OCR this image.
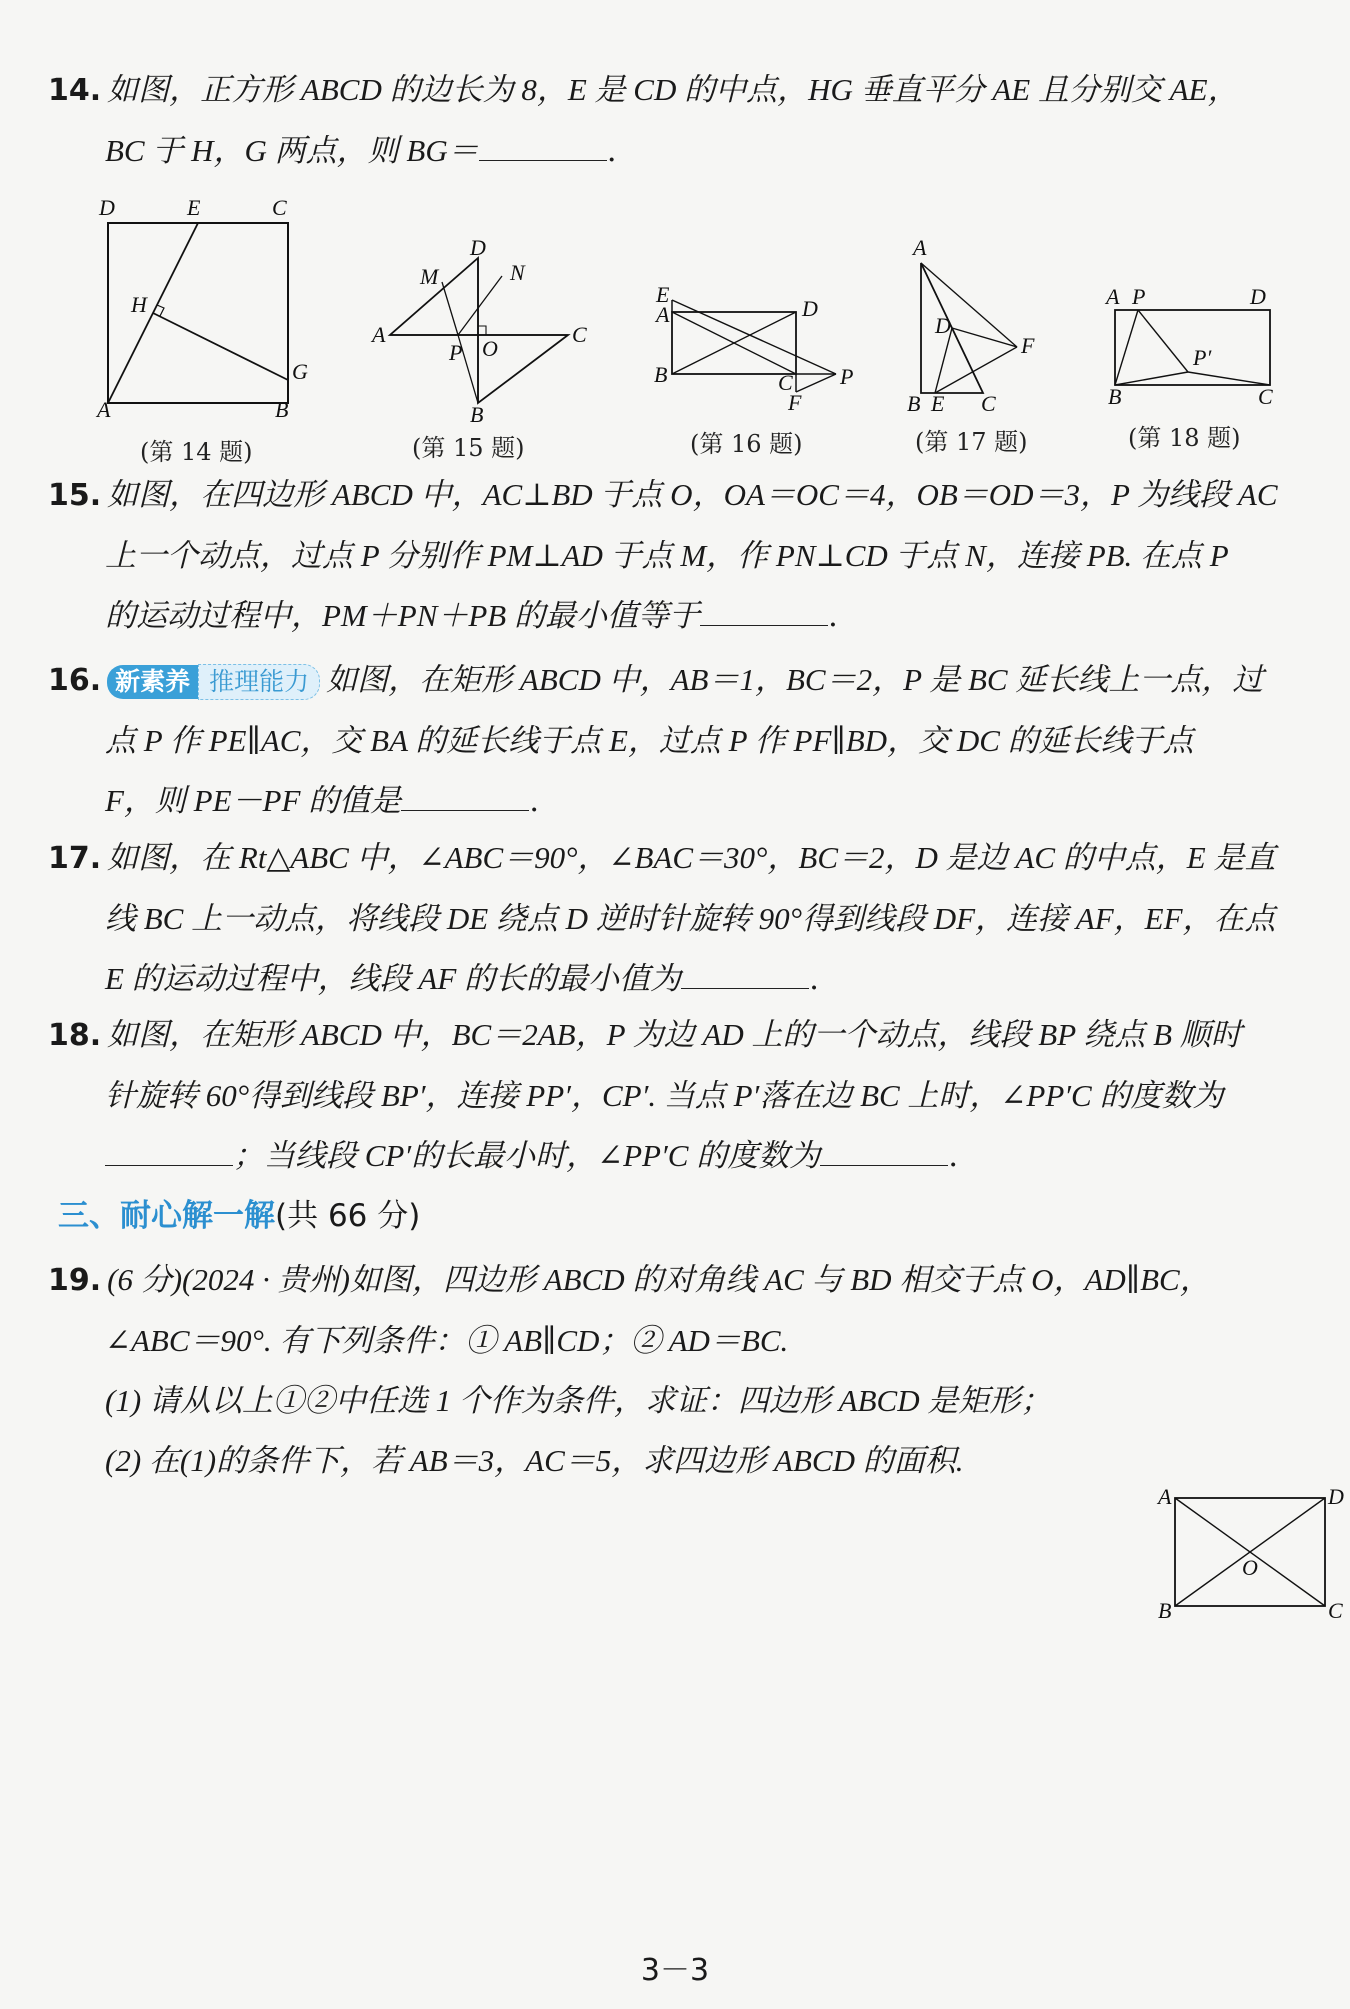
14. 如图，正方形 ABCD 的边长为 8，E 是 CD 的中点，HG 垂直平分 AE 且分别交 AE，
BC 于 H，G 两点，则 BG＝	.
D	E	C
H
G
A	B
(第 14 题)
D
M	N
A
P O
C
B
(第 15 题)
E
A	D
B	C P
F
(第 16 题)
A
D
F
B E C
(第 17 题)
A P	D
P′
B	C
(第 18 题)
15. 如图，在四边形 ABCD 中，AC⊥BD 于点 O，OA＝OC＝4，OB＝OD＝3，P 为线段 AC
上一个动点，过点 P 分别作 PM⊥AD 于点 M，作 PN⊥CD 于点 N，连接 PB. 在点 P
的运动过程中，PM＋PN＋PB 的最小值等于	.
16. 新素养 推理能力 如图，在矩形 ABCD 中，AB＝1，BC＝2，P 是 BC 延长线上一点，过
点 P 作 PE∥AC，交 BA 的延长线于点 E，过点 P 作 PF∥BD，交 DC 的延长线于点
F，则 PE－PF 的值是	.
17. 如图，在 Rt△ABC 中，∠ABC＝90°，∠BAC＝30°，BC＝2，D 是边 AC 的中点，E 是直
线 BC 上一动点，将线段 DE 绕点 D 逆时针旋转 90°得到线段 DF，连接 AF，EF，在点
E 的运动过程中，线段 AF 的长的最小值为	.
18. 如图，在矩形 ABCD 中，BC＝2AB，P 为边 AD 上的一个动点，线段 BP 绕点 B 顺时
针旋转 60°得到线段 BP′，连接 PP′，CP′. 当点 P′落在边 BC 上时，∠PP′C 的度数为
；当线段 CP′的长最小时，∠PP′C 的度数为	.
三、耐心解一解(共 66 分)
19. (6 分)(2024 · 贵州)如图，四边形 ABCD 的对角线 AC 与 BD 相交于点 O，AD∥BC，
∠ABC＝90°. 有下列条件：① AB∥CD；② AD＝BC.
(1) 请从以上①②中任选 1 个作为条件，求证：四边形 ABCD 是矩形；
(2) 在(1)的条件下，若 AB＝3，AC＝5，求四边形 ABCD 的面积.
A	D
O
B	C
3－3
